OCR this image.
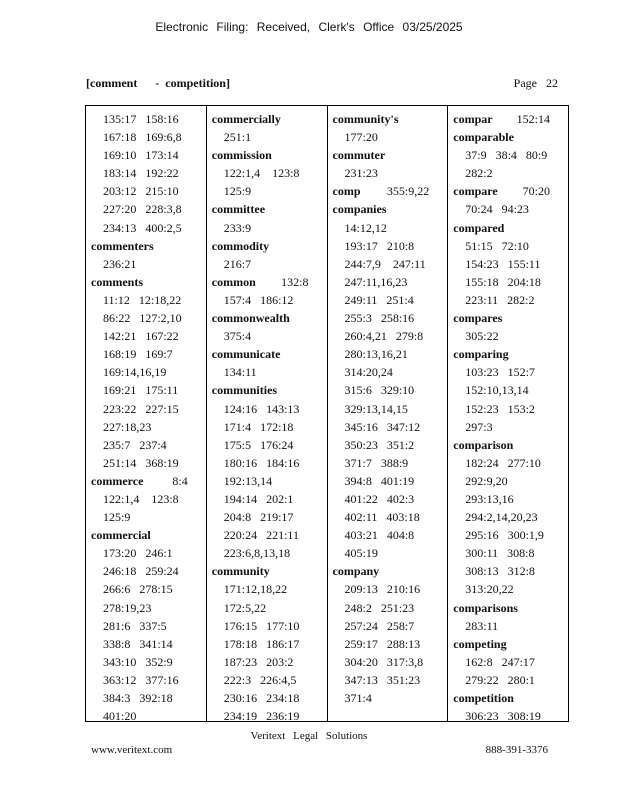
Electronic Filing: Received, Clerk's Office 03/25/2025
[comment      -  competition]	Page   22
135:17   158:16
167:18   169:6,8
169:10   173:14
183:14   192:22
203:12   215:10
227:20   228:3,8
234:13   400:2,5
commenters
236:21
comments
11:12   12:18,22
86:22   127:2,10
142:21   167:22
168:19   169:7
169:14,16,19
169:21   175:11
223:22   227:15
227:18,23
235:7   237:4
251:14   368:19
commerce 8:4
122:1,4    123:8
125:9
commercial
173:20   246:1
246:18   259:24
266:6   278:15
278:19,23
281:6   337:5
338:8   341:14
343:10   352:9
363:12   377:16
384:3   392:18
401:20
commercially
251:1
commission
122:1,4    123:8
125:9
committee
233:9
commodity
216:7
common 132:8
157:4   186:12
commonwealth
375:4
communicate
134:11
communities
124:16   143:13
171:4   172:18
175:5   176:24
180:16   184:16
192:13,14
194:14   202:1
204:8   219:17
220:24   221:11
223:6,8,13,18
community
171:12,18,22
172:5,22
176:15   177:10
178:18   186:17
187:23   203:2
222:3   226:4,5
230:16   234:18
234:19   236:19
community's
177:20
commuter
231:23
comp 355:9,22
companies
14:12,12
193:17   210:8
244:7,9    247:11
247:11,16,23
249:11   251:4
255:3   258:16
260:4,21   279:8
280:13,16,21
314:20,24
315:6   329:10
329:13,14,15
345:16   347:12
350:23   351:2
371:7   388:9
394:8   401:19
401:22   402:3
402:11   403:18
403:21   404:8
405:19
company
209:13   210:16
248:2   251:23
257:24   258:7
259:17   288:13
304:20   317:3,8
347:13   351:23
371:4
compar 152:14
comparable
37:9   38:4   80:9
282:2
compare 70:20
70:24   94:23
compared
51:15   72:10
154:23   155:11
155:18   204:18
223:11   282:2
compares
305:22
comparing
103:23   152:7
152:10,13,14
152:23   153:2
297:3
comparison
182:24   277:10
292:9,20
293:13,16
294:2,14,20,23
295:16   300:1,9
300:11   308:8
308:13   312:8
313:20,22
comparisons
283:11
competing
162:8   247:17
279:22   280:1
competition
306:23   308:19
Veritext Legal Solutions
www.veritext.com	888-391-3376
